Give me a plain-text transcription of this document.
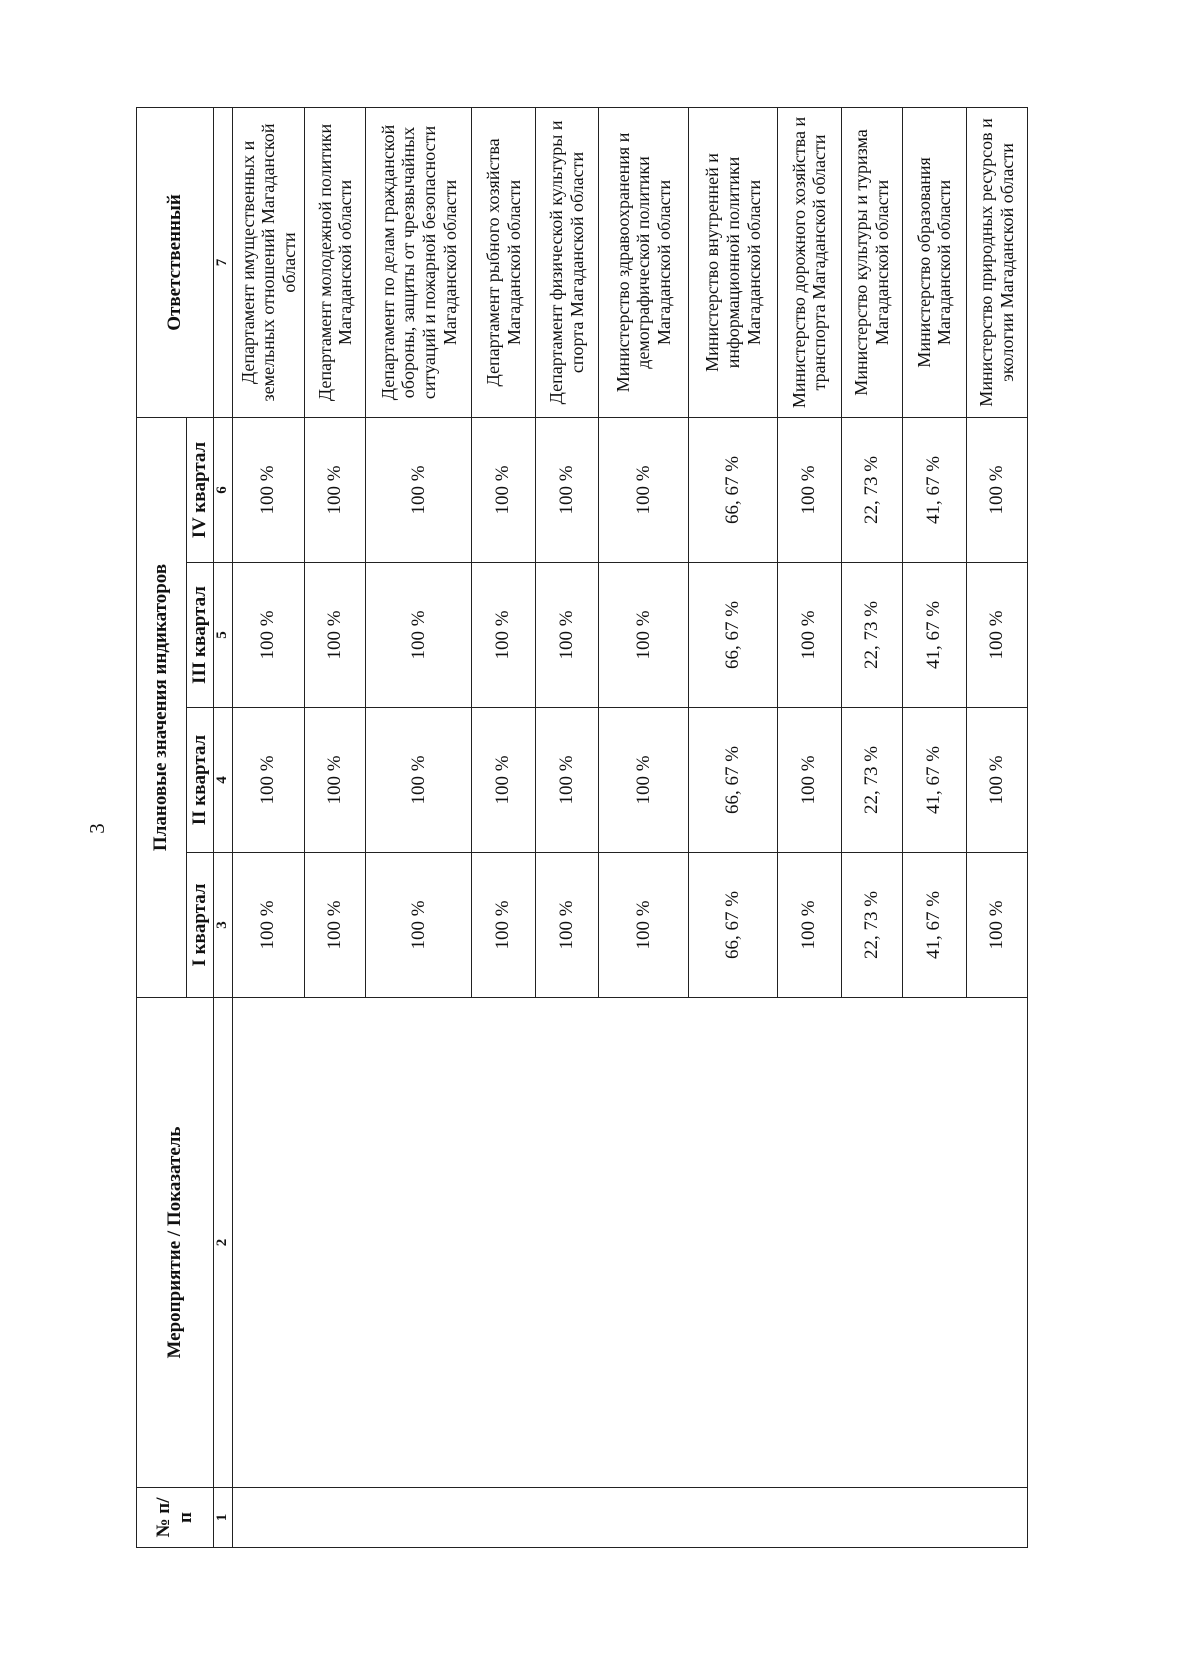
3
№ п/п	Мероприятие / Показатель	Плановые значения индикаторов				Ответственный
		I квартал	II квартал	III квартал	IV квартал	
1	2	3	4	5	6	7
		100 %	100 %	100 %	100 %	Департамент имущественных и земельных отношений Магаданской области
		100 %	100 %	100 %	100 %	Департамент молодежной политики Магаданской области
		100 %	100 %	100 %	100 %	Департамент по делам гражданской обороны, защиты от чрезвычайных ситуаций и пожарной безопасности Магаданской области
		100 %	100 %	100 %	100 %	Департамент рыбного хозяйства Магаданской области
		100 %	100 %	100 %	100 %	Департамент физической культуры и спорта Магаданской области
		100 %	100 %	100 %	100 %	Министерство здравоохранения и демографической политики Магаданской области
		66, 67 %	66, 67 %	66, 67 %	66, 67 %	Министерство внутренней и информационной политики Магаданской области
		100 %	100 %	100 %	100 %	Министерство дорожного хозяйства и транспорта Магаданской области
		22, 73 %	22, 73 %	22, 73 %	22, 73 %	Министерство культуры и туризма Магаданской области
		41, 67 %	41, 67 %	41, 67 %	41, 67 %	Министерство образования Магаданской области
		100 %	100 %	100 %	100 %	Министерство природных ресурсов и экологии Магаданской области
